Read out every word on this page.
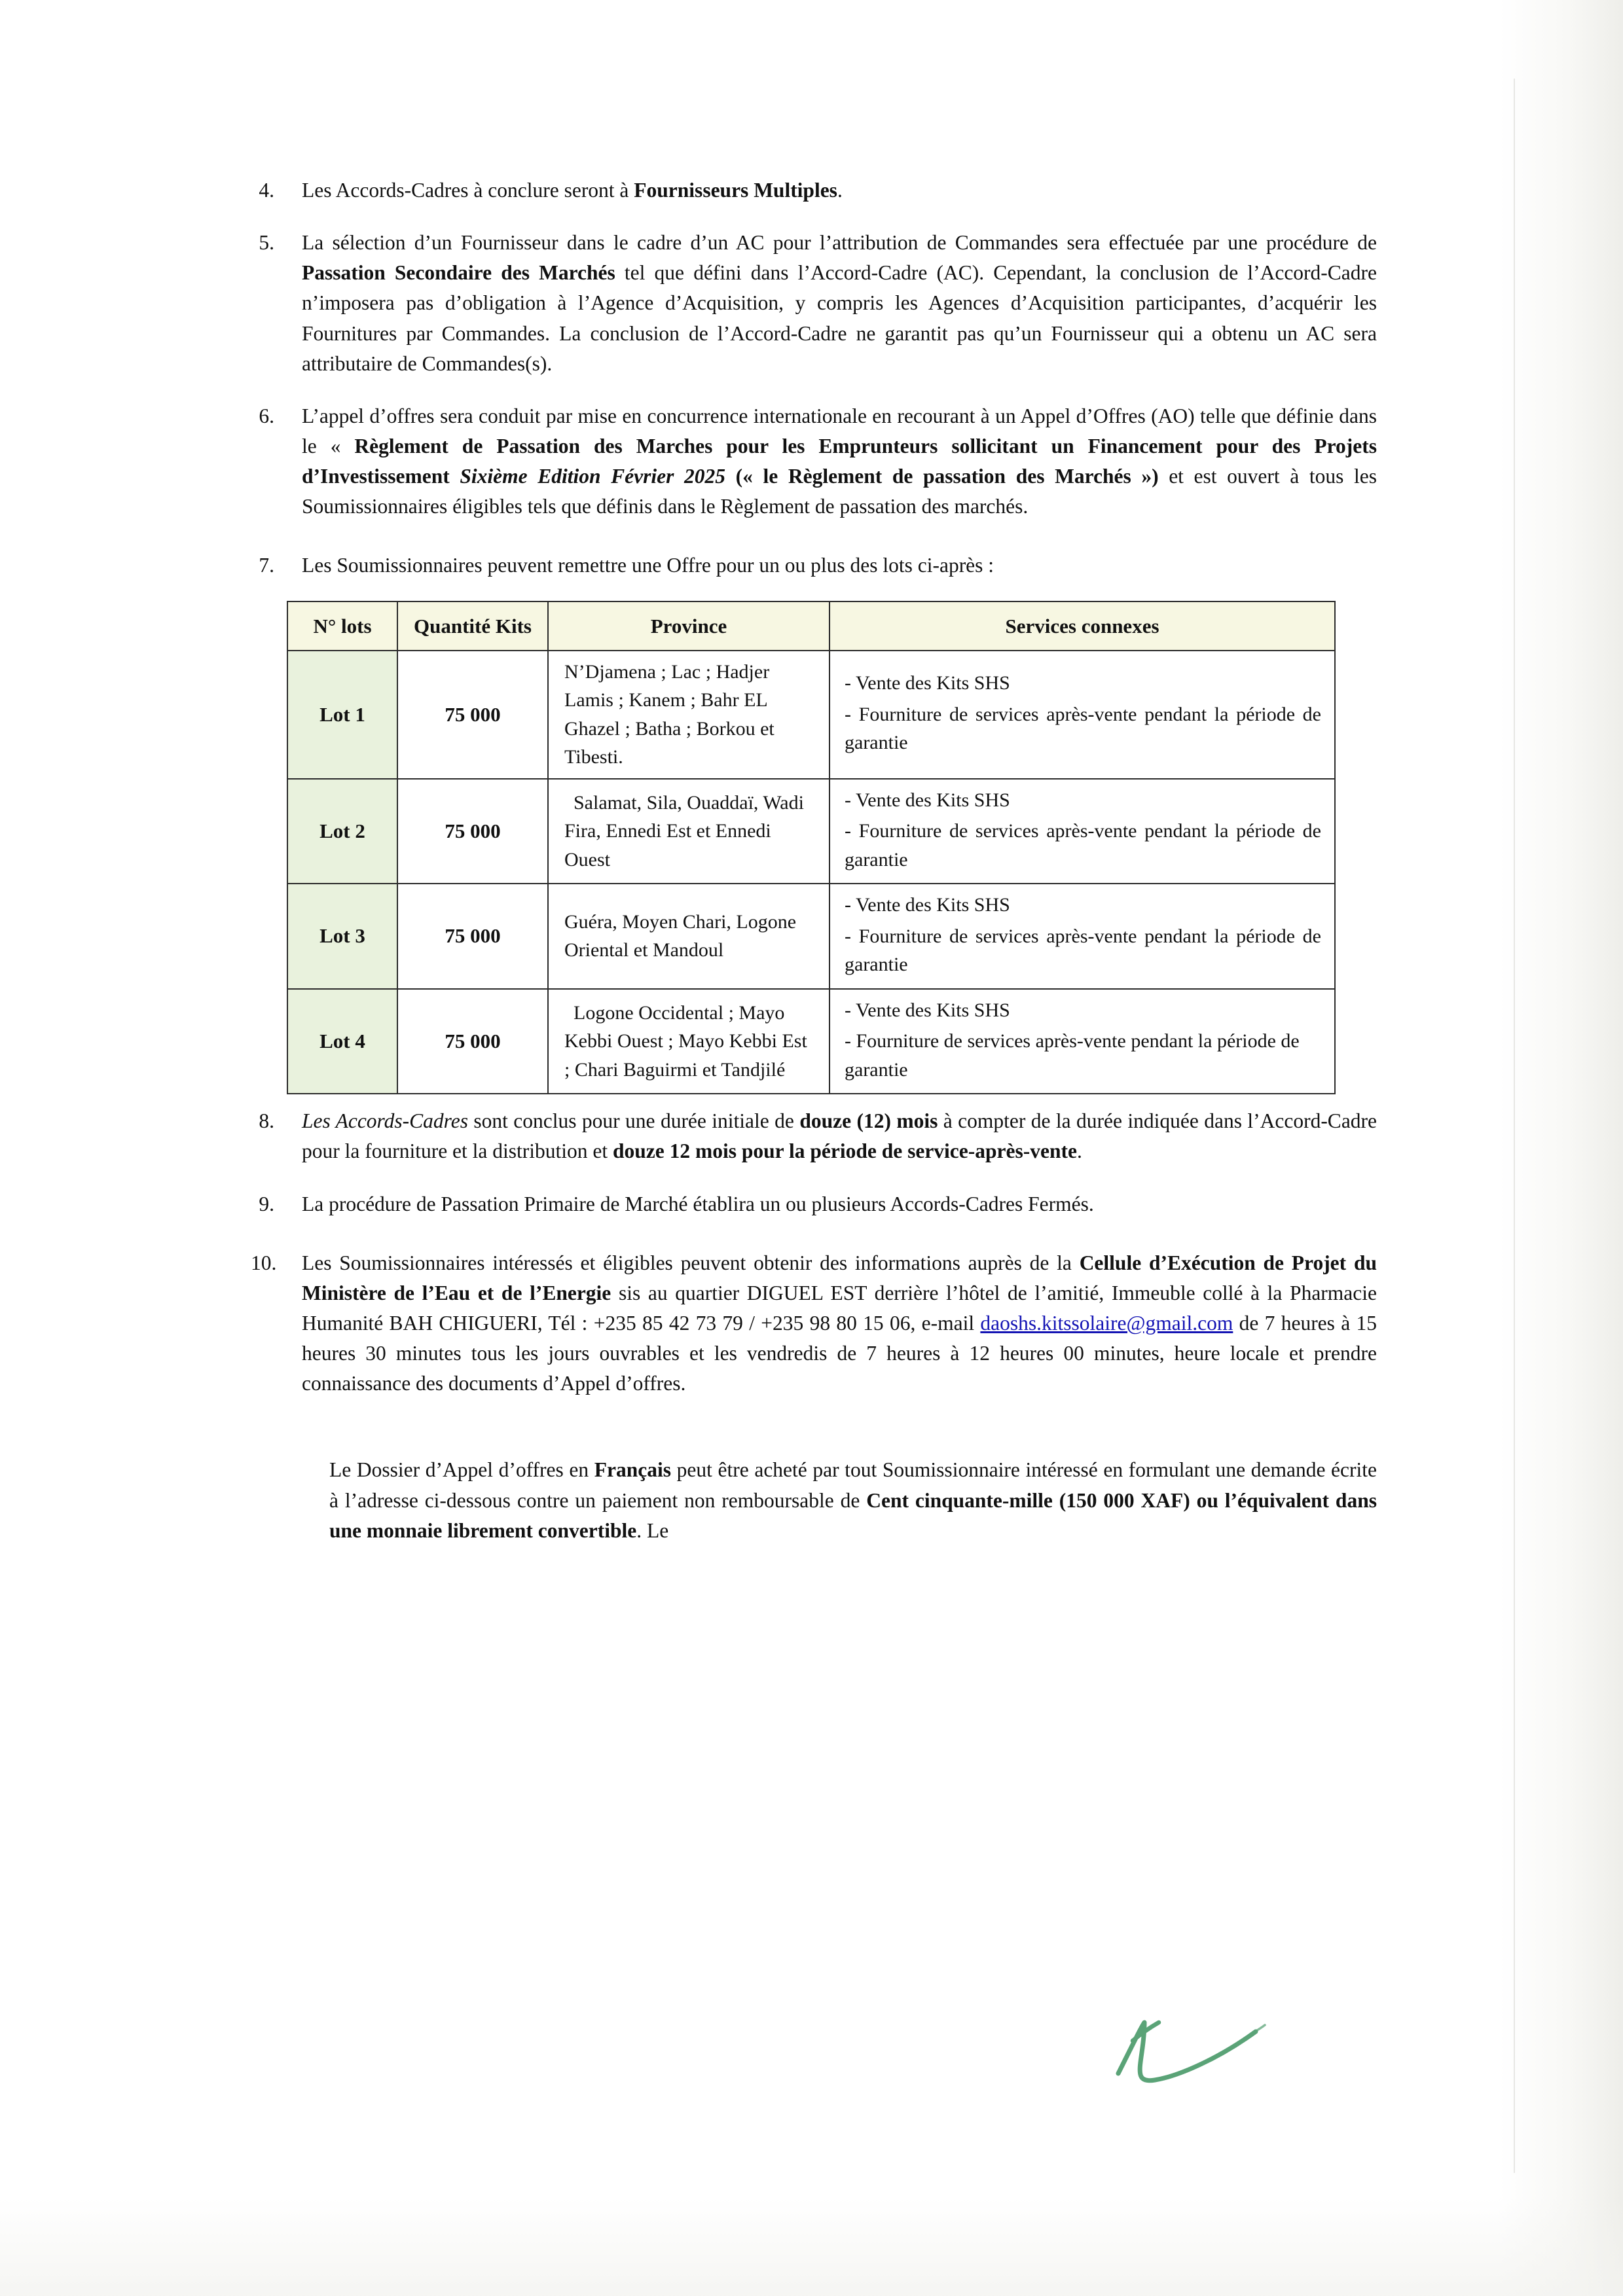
4.	Les Accords-Cadres à conclure seront à Fournisseurs Multiples.
5.	La sélection d’un Fournisseur dans le cadre d’un AC pour l’attribution de Commandes sera effectuée par une procédure de Passation Secondaire des Marchés tel que défini dans l’Accord-Cadre (AC). Cependant, la conclusion de l’Accord-Cadre n’imposera pas d’obligation à l’Agence d’Acquisition, y compris les Agences d’Acquisition participantes, d’acquérir les Fournitures par Commandes. La conclusion de l’Accord-Cadre ne garantit pas qu’un Fournisseur qui a obtenu un AC sera attributaire de Commandes(s).
6.	L’appel d’offres sera conduit par mise en concurrence internationale en recourant à un Appel d’Offres (AO) telle que définie dans le « Règlement de Passation des Marches pour les Emprunteurs sollicitant un Financement pour des Projets d’Investissement Sixième Edition Février 2025 (« le Règlement de passation des Marchés ») et est ouvert à tous les Soumissionnaires éligibles tels que définis dans le Règlement de passation des marchés.
7.	Les Soumissionnaires peuvent remettre une Offre pour un ou plus des lots ci-après :
N° lots	Quantité Kits	Province	Services connexes
Lot 1	75 000	N’Djamena ; Lac ; Hadjer Lamis ; Kanem ; Bahr EL Ghazel ; Batha ; Borkou et Tibesti.	- Vente des Kits SHS
- Fourniture de services après-vente pendant la période de garantie

Lot 2	75 000	Salamat, Sila, Ouaddaï, Wadi Fira, Ennedi Est et Ennedi Ouest	- Vente des Kits SHS
- Fourniture de services après-vente pendant la période de garantie

Lot 3	75 000	Guéra, Moyen Chari, Logone Oriental et Mandoul	- Vente des Kits SHS
- Fourniture de services après-vente pendant la période de garantie

Lot 4	75 000	Logone Occidental ; Mayo Kebbi Ouest ; Mayo Kebbi Est ; Chari Baguirmi et Tandjilé	- Vente des Kits SHS
- Fourniture de services après-vente pendant la période de garantie
8.	Les Accords-Cadres sont conclus pour une durée initiale de douze (12) mois à compter de la durée indiquée dans l’Accord-Cadre pour la fourniture et la distribution et douze 12 mois pour la période de service-après-vente.
9.	La procédure de Passation Primaire de Marché établira un ou plusieurs Accords-Cadres Fermés.
10.	Les Soumissionnaires intéressés et éligibles peuvent obtenir des informations auprès de la Cellule d’Exécution de Projet du Ministère de l’Eau et de l’Energie sis au quartier DIGUEL EST derrière l’hôtel de l’amitié, Immeuble collé à la Pharmacie Humanité BAH CHIGUERI, Tél : +235 85 42 73 79 / +235 98 80 15 06, e-mail daoshs.kitssolaire@gmail.com de 7 heures à 15 heures 30 minutes tous les jours ouvrables et les vendredis de 7 heures à 12 heures 00 minutes, heure locale et prendre connaissance des documents d’Appel d’offres.
Le Dossier d’Appel d’offres en Français peut être acheté par tout Soumissionnaire intéressé en formulant une demande écrite à l’adresse ci-dessous contre un paiement non remboursable de Cent cinquante-mille (150 000 XAF) ou l’équivalent dans une monnaie librement convertible. Le
